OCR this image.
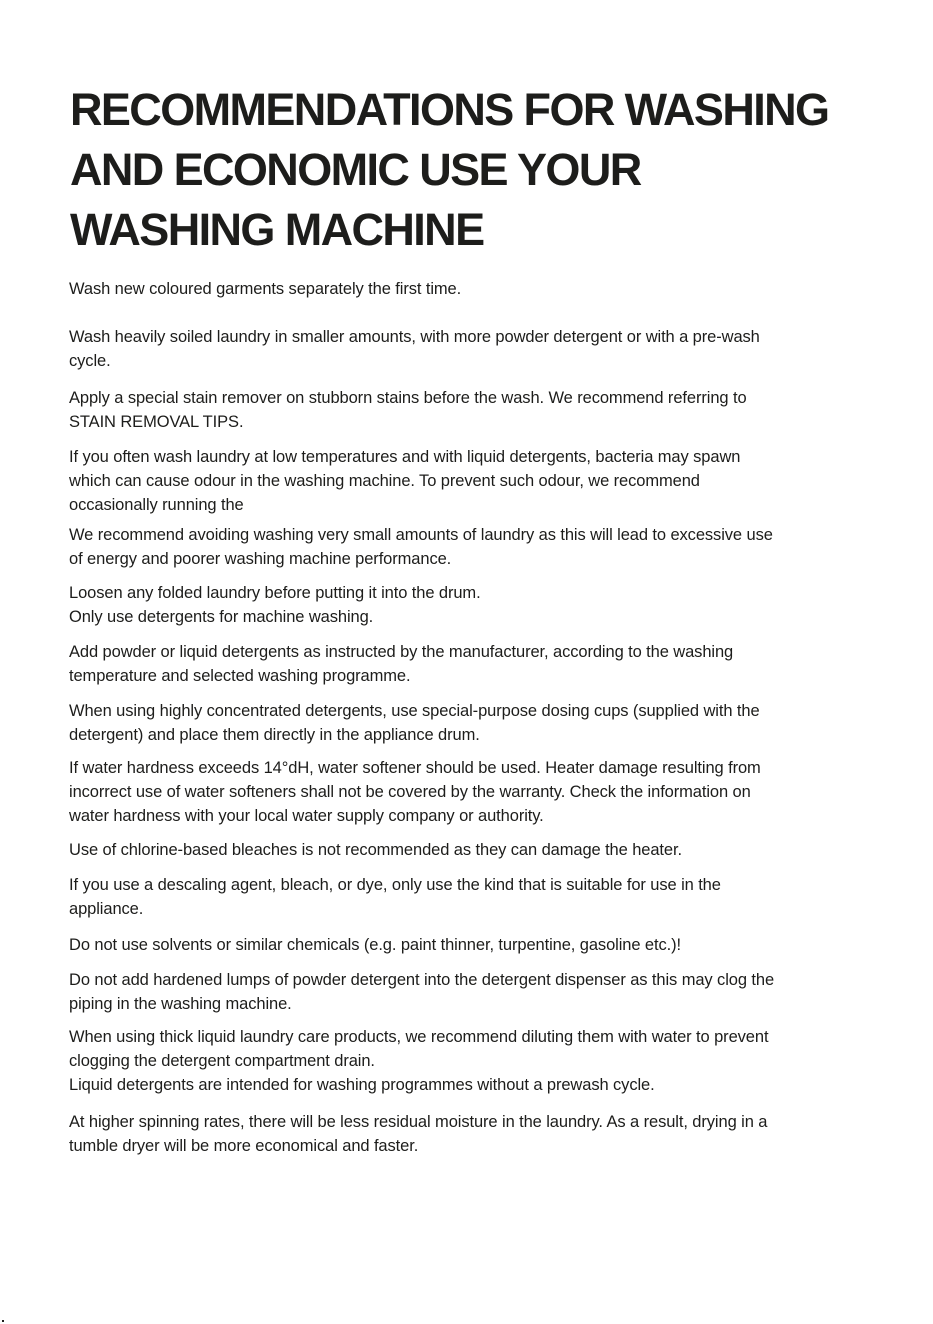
RECOMMENDATIONS FOR WASHING
AND ECONOMIC USE YOUR
WASHING MACHINE

Wash new coloured garments separately the first time.

Wash heavily soiled laundry in smaller amounts, with more powder detergent or with a pre-wash
cycle.

Apply a special stain remover on stubborn stains before the wash. We recommend referring to
STAIN REMOVAL TIPS.

If you often wash laundry at low temperatures and with liquid detergents, bacteria may spawn
which can cause odour in the washing machine. To prevent such odour, we recommend
occasionally running the

We recommend avoiding washing very small amounts of laundry as this will lead to excessive use
of energy and poorer washing machine performance.

Loosen any folded laundry before putting it into the drum.
Only use detergents for machine washing.

Add powder or liquid detergents as instructed by the manufacturer, according to the washing
temperature and selected washing programme.

When using highly concentrated detergents, use special-purpose dosing cups (supplied with the
detergent) and place them directly in the appliance drum.

If water hardness exceeds 14°dH, water softener should be used. Heater damage resulting from
incorrect use of water softeners shall not be covered by the warranty. Check the information on
water hardness with your local water supply company or authority.

Use of chlorine-based bleaches is not recommended as they can damage the heater.

If you use a descaling agent, bleach, or dye, only use the kind that is suitable for use in the
appliance.

Do not use solvents or similar chemicals (e.g. paint thinner, turpentine, gasoline etc.)!

Do not add hardened lumps of powder detergent into the detergent dispenser as this may clog the
piping in the washing machine.

When using thick liquid laundry care products, we recommend diluting them with water to prevent
clogging the detergent compartment drain.
Liquid detergents are intended for washing programmes without a prewash cycle.

At higher spinning rates, there will be less residual moisture in the laundry. As a result, drying in a
tumble dryer will be more economical and faster.
